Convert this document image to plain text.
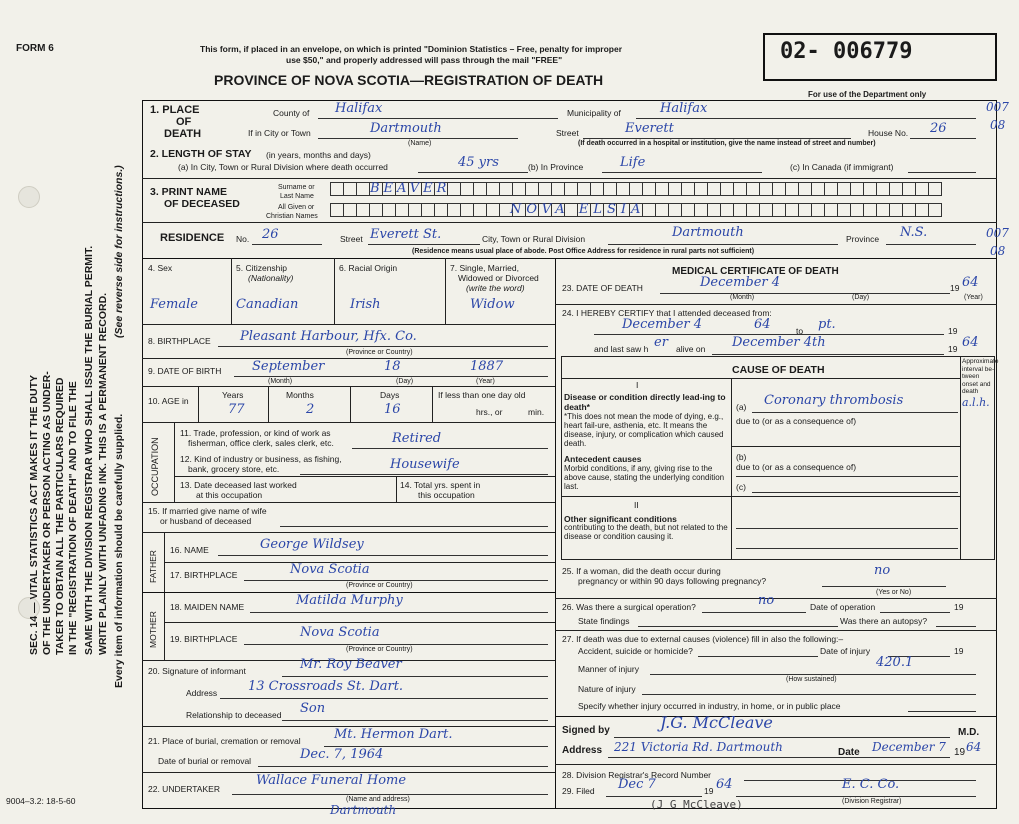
FORM 6	This form, if placed in an envelope, on which is printed "Dominion Statistics – Free, penalty for improper
use $50," and properly addressed will pass through the mail "FREE"
PROVINCE OF NOVA SCOTIA—REGISTRATION OF DEATH
02- 006779
For use of the Department only
9004–3.2: 18-5-60
SEC. 14 — VITAL STATISTICS ACT MAKES IT THE DUTY OF THE UNDERTAKER OR PERSON ACTING AS UNDER- TAKER TO OBTAIN ALL THE PARTICULARS REQUIRED IN THE "REGISTRATION OF DEATH" AND TO FILE THE SAME WITH THE DIVISION REGISTRAR WHO SHALL ISSUE THE BURIAL PERMIT. WRITE PLAINLY WITH UNFADING INK. THIS IS A PERMANENT RECORD. Every item of information should be carefully supplied.
(See reverse side for instructions.)
1. PLACE
OF
DEATH
County of Halifax	Municipality of	Halifax
If in City or Town	Dartmouth	Street	Everett	House No. 26
007
08
(Name)	(If death occurred in a hospital or institution, give the name instead of street and number)
2. LENGTH OF STAY (in years, months and days)
(a) In City, Town or Rural Division where death occurred	45 yrs	(b) In Province	Life	(c) In Canada (if immigrant)
3. PRINT NAME
OF DECEASED
Surname or
Last Name
All Given or
Christian Names
BEAVER
NOVA ELSIA
RESIDENCE No. 26	Street Everett St.	City, Town or Rural Division	Dartmouth	Province N.S.	007
08
(Residence means usual place of abode. Post Office Address for residence in rural parts not sufficient)
4. Sex	5. Citizenship
(Nationality)
6. Racial Origin	7. Single, Married,
Widowed or Divorced
(write the word)
Female	Canadian	Irish	Widow
8. BIRTHPLACE Pleasant Harbour, Hfx. Co.
(Province or Country)
9. DATE OF BIRTH September	18	1887
(Month)	(Day)	(Year)
10. AGE in
Years	Months	Days	If less than one day old
hrs., or	min.
77	2	16
OCCUPATION
11. Trade, profession, or kind of work as
fisherman, office clerk, sales clerk, etc.	Retired
12. Kind of industry or business, as fishing,
bank, grocery store, etc.	Housewife
13. Date deceased last worked
at this occupation
14. Total yrs. spent in
this occupation
15. If married give name of wife
or husband of deceased
FATHER
16. NAME	George Wildsey
17. BIRTHPLACE	Nova Scotia
(Province or Country)
MOTHER
18. MAIDEN NAME	Matilda Murphy
19. BIRTHPLACE	Nova Scotia
(Province or Country)
20. Signature of informant	Mr. Roy Beaver
Address 13 Crossroads St. Dart.
Relationship to deceased Son
21. Place of burial, cremation or removal	Mt. Hermon Dart.
Date of burial or removal	Dec. 7, 1964
22. UNDERTAKER
Wallace Funeral Home
(Name and address)
Dartmouth
MEDICAL CERTIFICATE OF DEATH
23. DATE OF DEATH	December 4	19 64
(Month)	(Day)	(Year)
24. I HEREBY CERTIFY that I attended deceased from:
December 4	64	to pt.	19
and last saw h er alive on December 4th	19 64
CAUSE OF DEATH
Approximate interval be-tween onset and death
I
Disease or condition directly lead-ing to death*
*This does not mean the mode of dying, e.g., heart fail-ure, asthenia, etc. It means the disease, injury, or complication which caused death.
(a) Coronary thrombosis	a.l.h.
due to (or as a consequence of)
Antecedent causes
Morbid conditions, if any, giving rise to the above cause, stating the underlying condition last.
(b)
due to (or as a consequence of)
(c)
II
Other significant conditions
contributing to the death, but not related to the disease or condition causing it.
25. If a woman, did the death occur during
pregnancy or within 90 days following pregnancy?
no
(Yes or No)
26. Was there a surgical operation?	no	Date of operation	19
State findings	Was there an autopsy?
27. If death was due to external causes (violence) fill in also the following:–
Accident, suicide or homicide?	Date of injury	19
Manner of injury	420.1
(How sustained)
Nature of injury
Specify whether injury occurred in industry, in home, or in public place
Signed by	J.G. McCleave
M.D.
Address 221 Victoria Rd. Dartmouth	Date December 7 19 64
28. Division Registrar's Record Number
29. Filed Dec 7	19 64	E. C. Co.
(Division Registrar)
(J G McCleave)
